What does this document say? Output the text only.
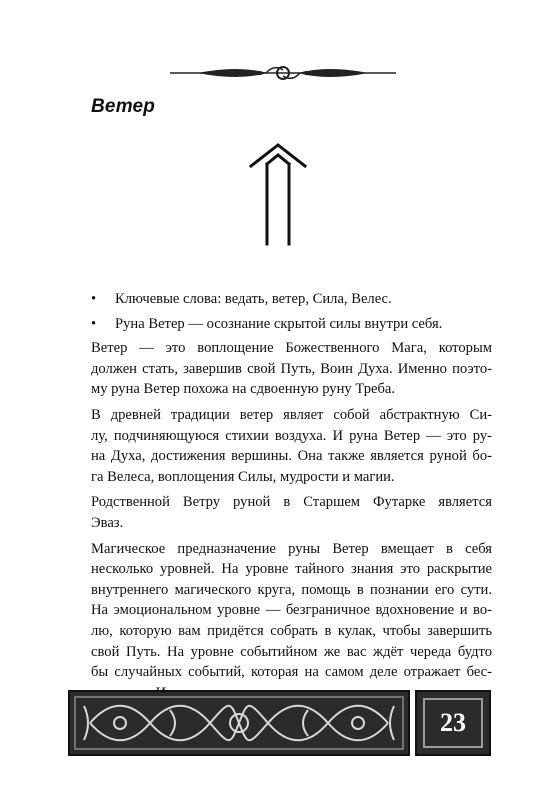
Ветер
• Ключевые слова: ведать, ветер, Сила, Велес.
• Руна Ветер — осознание скрытой силы внутри себя.

Ветер — это воплощение Божественного Мага, которым
должен стать, завершив свой Путь, Воин Духа. Именно поэто-
му руна Ветер похожа на сдвоенную руну Треба.

В древней традиции ветер являет собой абстрактную Си-
лу, подчиняющуюся стихии воздуха. И руна Ветер — это ру-
на Духа, достижения вершины. Она также является руной бо-
га Велеса, воплощения Силы, мудрости и магии.

Родственной Ветру руной в Старшем Футарке является
Эваз.

Магическое предназначение руны Ветер вмещает в себя
несколько уровней. На уровне тайного знания это раскрытие
внутреннего магического круга, помощь в познании его сути.
На эмоциональном уровне — безграничное вдохновение и во-
лю, которую вам придётся собрать в кулак, чтобы завершить
свой Путь. На уровне событийном же вас ждёт череда будто
бы случайных событий, которая на самом деле отражает бес-

23
